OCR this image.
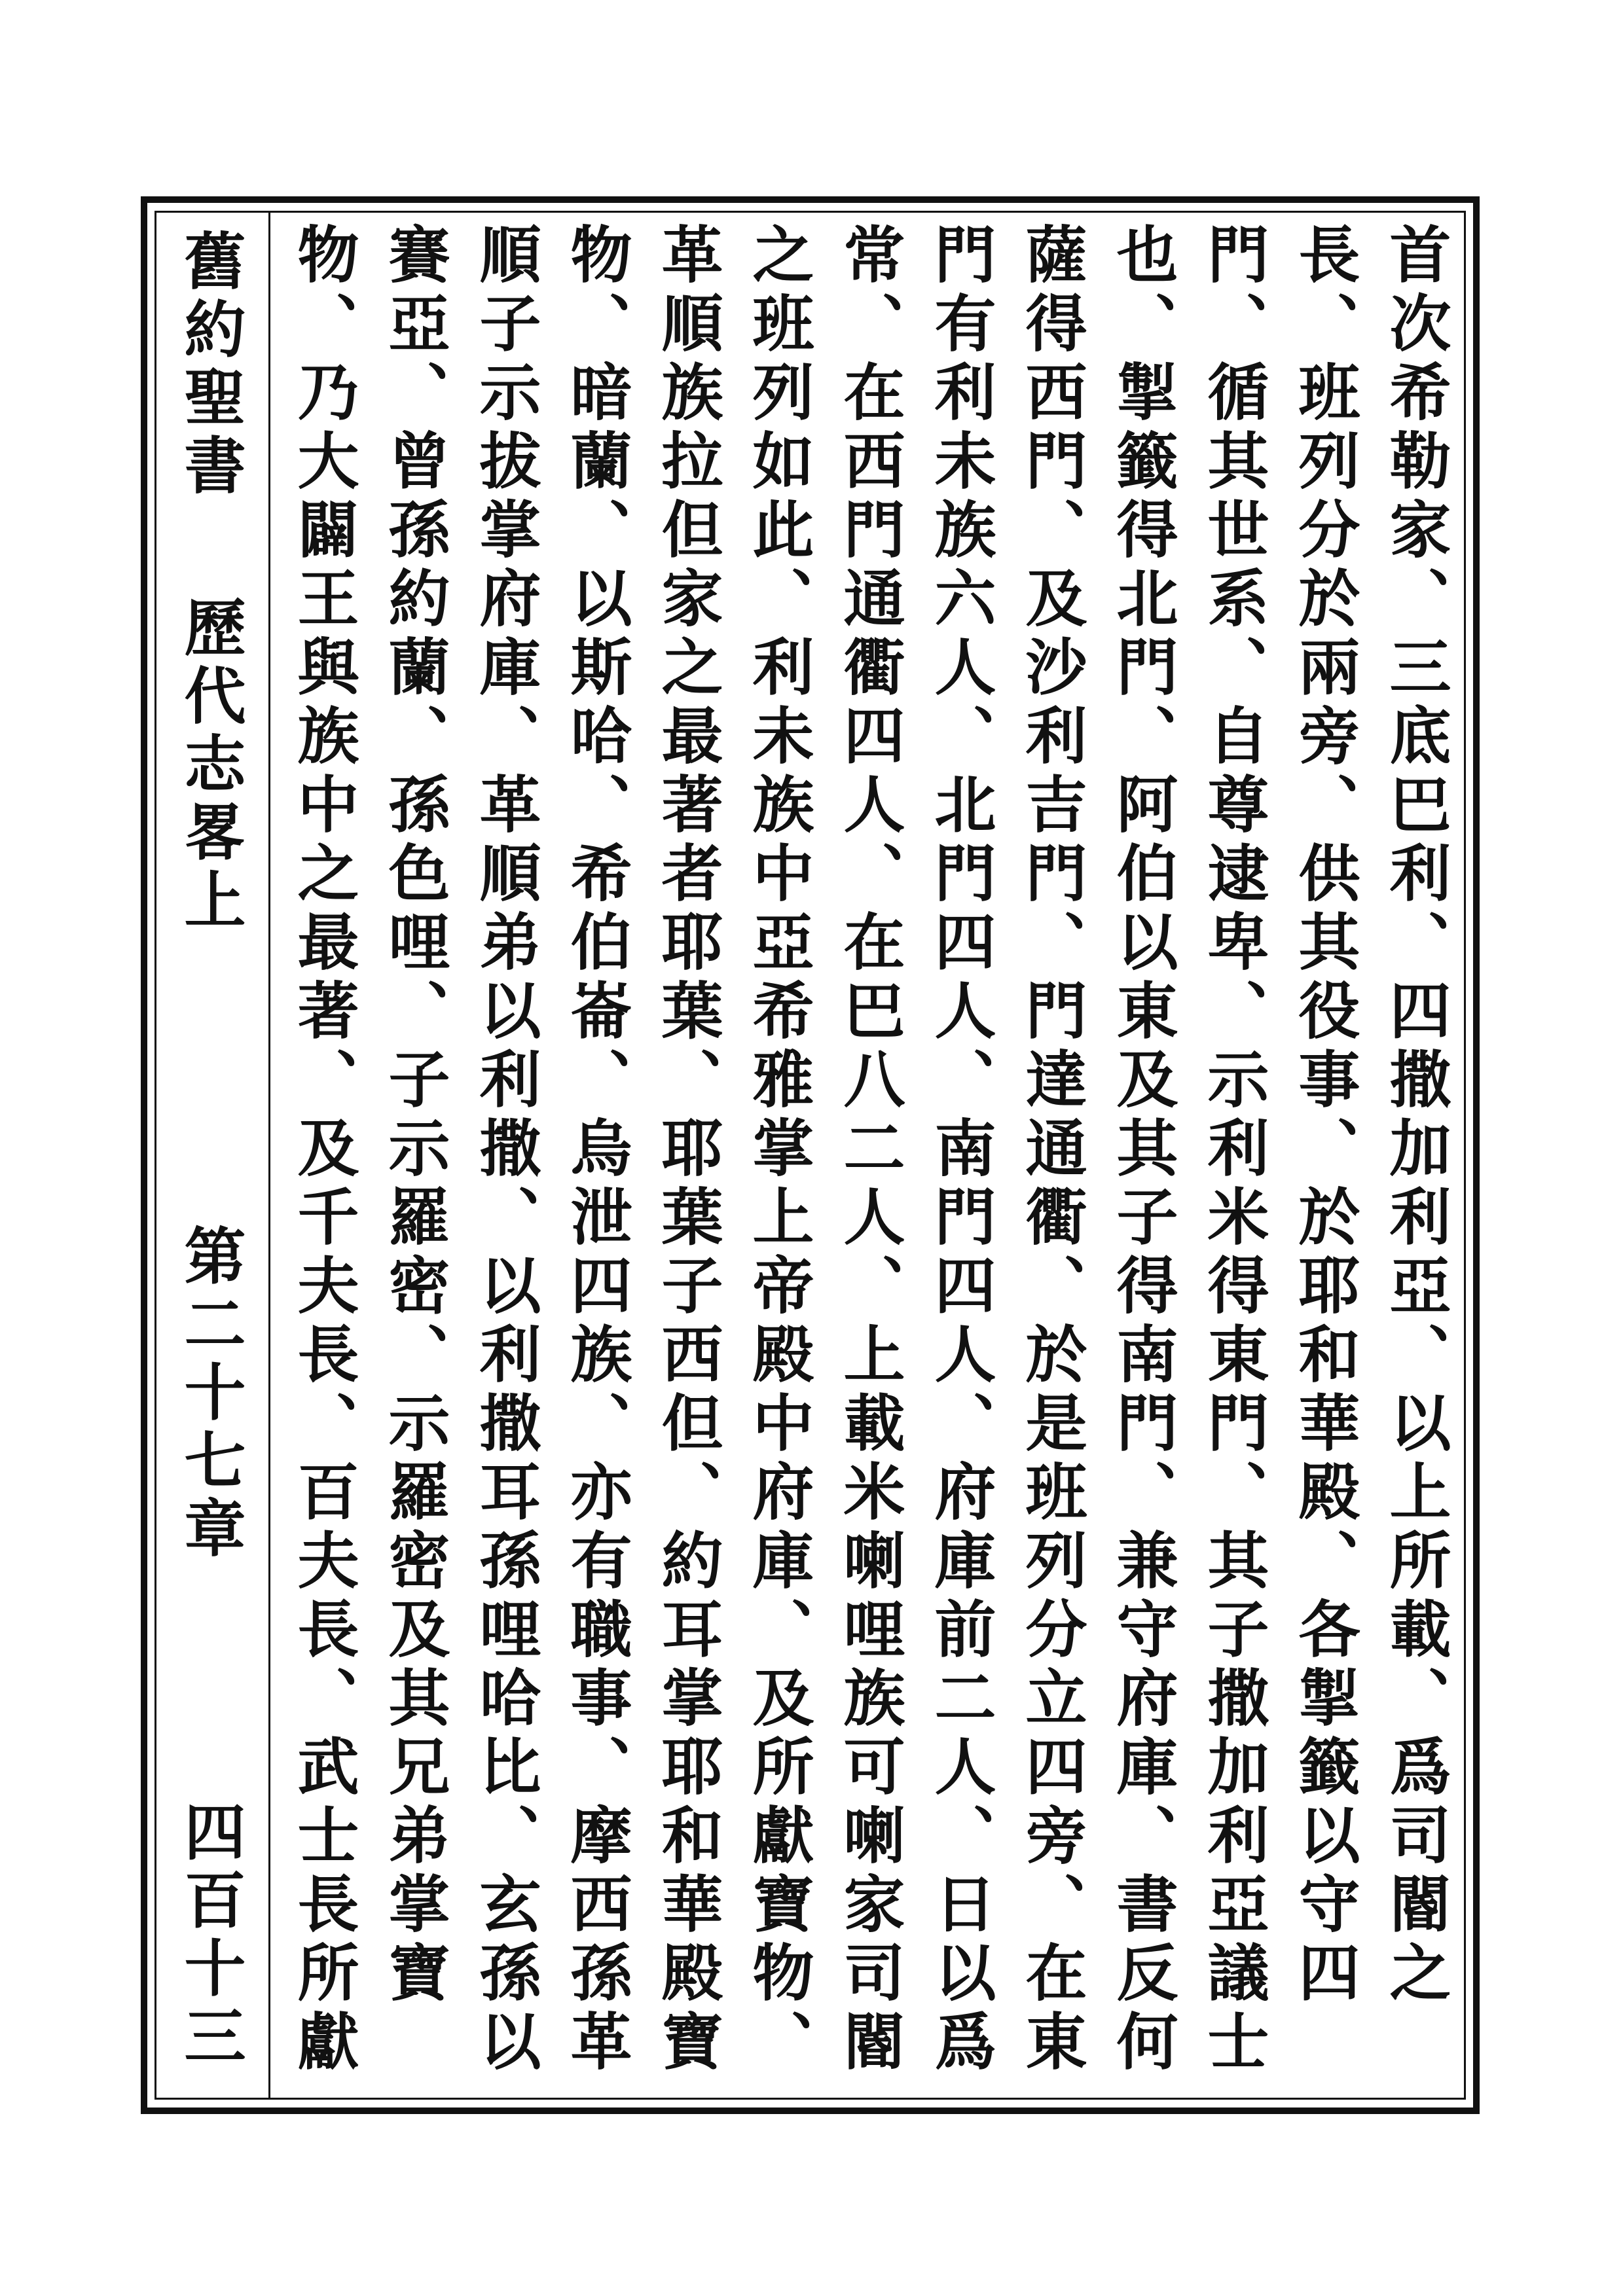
舊約聖書
歷代志畧上
第二十七章
四百十三

首次希勒家、三底巴利、四撒加利亞、以上所載、爲司閽之長、班列分於兩旁、供其役事、於耶和華殿、各掣籤以守四門、循其世系、自尊逮卑、示利米得東門、其子撒加利亞議士也、掣籤得北門、阿伯以東及其子得南門、兼守府庫、書反何薩得西門、及沙利吉門、門達通衢、於是班列分立四旁、在東門有利未族六人、北門四人、南門四人、府庫前二人、日以爲常、在西門通衢四人、在巴八二人、上載米喇哩族可喇家司閽之班列如此、利未族中亞希雅掌上帝殿中府庫、及所獻寶物、革順族拉但家之最著者耶葉、耶葉子西但、約耳掌耶和華殿寶物、暗蘭、以斯哈、希伯崙、烏泄四族、亦有職事、摩西孫革順子示拔掌府庫、革順弟以利撒、以利撒耳孫哩哈比、玄孫以賽亞、曾孫約蘭、孫色哩、子示羅密、示羅密及其兄弟掌寶物、乃大闢王與族中之最著、及千夫長、百夫長、武士長所獻
